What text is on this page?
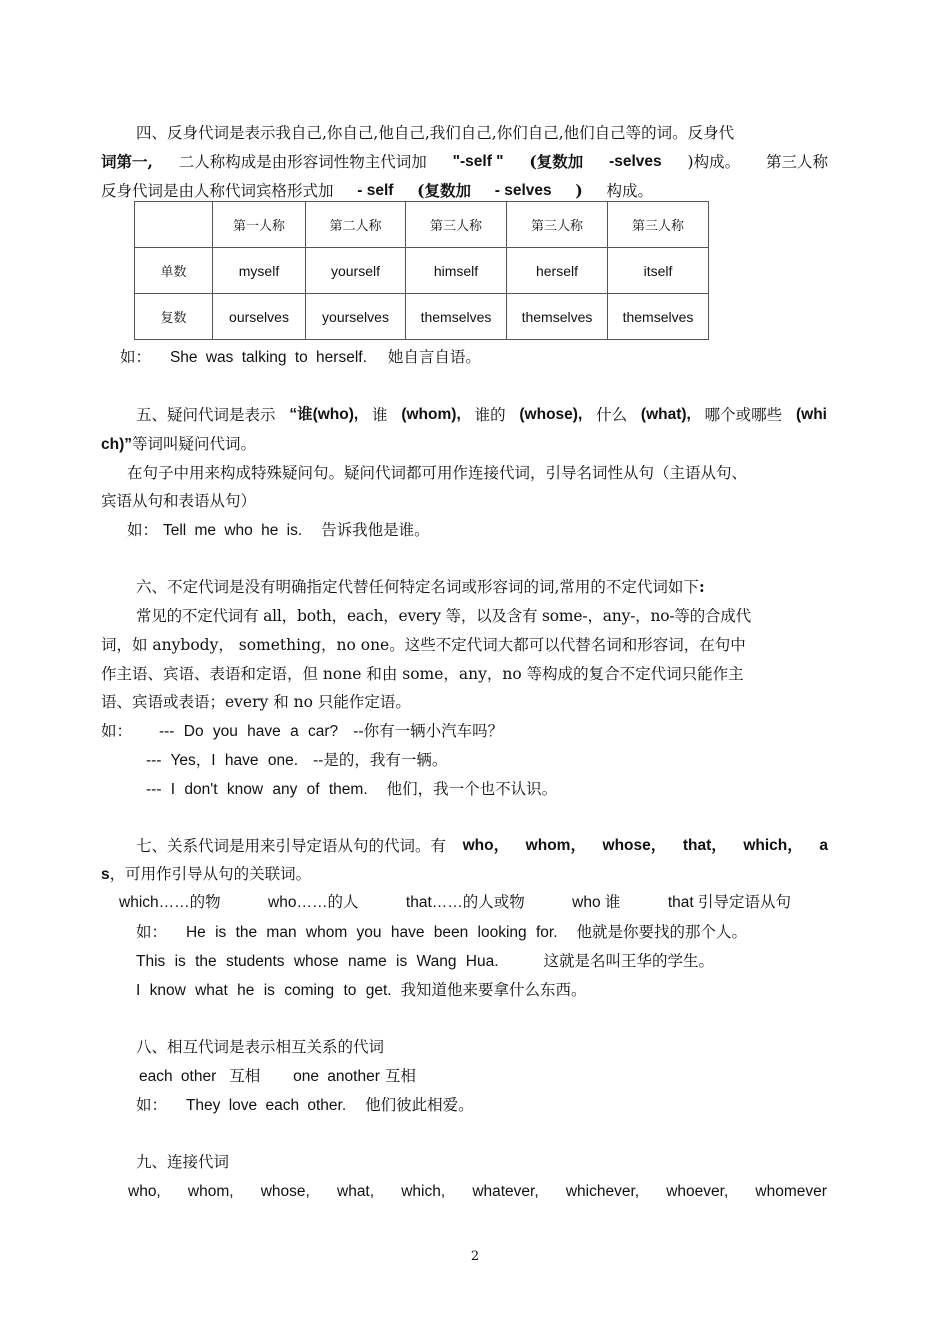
四、反身代词是表示我自己,你自己,他自己,我们自己,你们自己,他们自己等的词。反身代
词第一, 二人称构成是由形容词性物主代词加 "-self " (复数加 -selves )构成。 第三人称
反身代词是由人称代词宾格形式加 - self (复数加 - selves ) 构成。
	第一人称	第二人称	第三人称	第三人称	第三人称
单数	myself	yourself	himself	herself	itself
复数	ourselves	yourselves	themselves	themselves	themselves
如： She was talking to herself. 她自言自语。
五、疑问代词是表示 “谁(who), 谁 (whom), 谁的 (whose), 什么 (what), 哪个或哪些 (whi
ch)”等词叫疑问代词。
在句子中用来构成特殊疑问句。疑问代词都可用作连接代词，引导名词性从句（主语从句、
宾语从句和表语从句）
如： Tell me who he is. 告诉我他是谁。
六、不定代词是没有明确指定代替任何特定名词或形容词的词,常用的不定代词如下:
常见的不定代词有 all，both，each，every 等，以及含有 some-，any-，no-等的合成代
词，如 anybody， something，no one。这些不定代词大都可以代替名词和形容词，在句中
作主语、宾语、表语和定语，但 none 和由 some，any，no 等构成的复合不定代词只能作主
语、宾语或表语；every 和 no 只能作定语。
如： --- Do you have a car? --你有一辆小汽车吗？
--- Yes，I have one. --是的，我有一辆。
--- I don't know any of them. 他们，我一个也不认识。
七、关系代词是用来引导定语从句的代词。有 who， whom， whose， that， which， a
s，可用作引导从句的关联词。
which……的物	who……的人	that……的人或物	who 谁	that 引导定语从句
如： He is the man whom you have been looking for. 他就是你要找的那个人。
This is the students whose name is Wang Hua.	这就是名叫王华的学生。
I know what he is coming to get. 我知道他来要拿什么东西。
八、相互代词是表示相互关系的代词
each other 互相 one another 互相
如： They love each other. 他们彼此相爱。
九、连接代词
who, whom, whose, what, which, whatever, whichever, whoever, whomever
2
